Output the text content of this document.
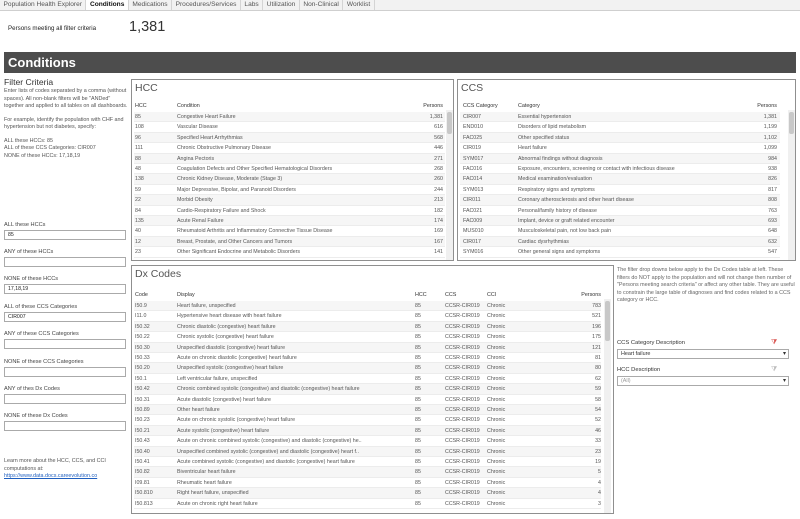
Population Health Explorer	Conditions	Medications	Procedures/Services	Labs	Utilization	Non-Clinical	Worklist
Persons meeting all filter criteria 1,381
Conditions
Filter Criteria

Enter lists of codes separated by a comma (without spaces). All non-blank filters will be "ANDed" together and applied to all tables on all dashboards.

For example, identify the population with CHF and hypertension but not diabetes, specify:

ALL these HCCs: 85

ALL of these CCS Categories: CIR007

NONE of these HCCs: 17,18,19

ALL these HCCs
85
ANY of these HCCs
NONE of these HCCs
17,18,19
ALL of these CCS Categories
CIR007
ANY of these CCS Categories
NONE of these CCS Categories
ANY of thes Dx Codes
NONE of these Dx Codes
Learn more about the HCC, CCS, and CCI computations at:
https://www.data.docs.careevolution.co
HCC
HCC	Condition	Persons
85	Congestive Heart Failure	1,381
108	Vascular Disease	616
96	Specified Heart Arrhythmias	568
111	Chronic Obstructive Pulmonary Disease	446
88	Angina Pectoris	271
48	Coagulation Defects and Other Specified Hematological Disorders	268
138	Chronic Kidney Disease, Moderate (Stage 3)	260
59	Major Depressive, Bipolar, and Paranoid Disorders	244
22	Morbid Obesity	213
84	Cardio-Respiratory Failure and Shock	182
135	Acute Renal Failure	174
40	Rheumatoid Arthritis and Inflammatory Connective Tissue Disease	169
12	Breast, Prostate, and Other Cancers and Tumors	167
23	Other Significant Endocrine and Metabolic Disorders	141
CCS
CCS Category	Category	Persons
CIR007	Essential hypertension	1,381
END010	Disorders of lipid metabolism	1,199
FAC025	Other specified status	1,102
CIR019	Heart failure	1,099
SYM017	Abnormal findings without diagnosis	984
FAC016	Exposure, encounters, screening or contact with infectious disease	938
FAC014	Medical examination/evaluation	826
SYM013	Respiratory signs and symptoms	817
CIR011	Coronary atherosclerosis and other heart disease	808
FAC021	Personal/family history of disease	763
FAC009	Implant, device or graft related encounter	693
MUS010	Musculoskeletal pain, not low back pain	648
CIR017	Cardiac dysrhythmias	632
SYM016	Other general signs and symptoms	547
Dx Codes
Code	Display	HCC	CCS	CCI	Persons
I50.9	Heart failure, unspecified	85	CCSR-CIR019	Chronic	783
I11.0	Hypertensive heart disease with heart failure	85	CCSR-CIR019	Chronic	521
I50.32	Chronic diastolic (congestive) heart failure	85	CCSR-CIR019	Chronic	196
I50.22	Chronic systolic (congestive) heart failure	85	CCSR-CIR019	Chronic	175
I50.30	Unspecified diastolic (congestive) heart failure	85	CCSR-CIR019	Chronic	121
I50.33	Acute on chronic diastolic (congestive) heart failure	85	CCSR-CIR019	Chronic	81
I50.20	Unspecified systolic (congestive) heart failure	85	CCSR-CIR019	Chronic	80
I50.1	Left ventricular failure, unspecified	85	CCSR-CIR019	Chronic	62
I50.42	Chronic combined systolic (congestive) and diastolic (congestive) heart failure	85	CCSR-CIR019	Chronic	59
I50.31	Acute diastolic (congestive) heart failure	85	CCSR-CIR019	Chronic	58
I50.89	Other heart failure	85	CCSR-CIR019	Chronic	54
I50.23	Acute on chronic systolic (congestive) heart failure	85	CCSR-CIR019	Chronic	52
I50.21	Acute systolic (congestive) heart failure	85	CCSR-CIR019	Chronic	46
I50.43	Acute on chronic combined systolic (congestive) and diastolic (congestive) he..	85	CCSR-CIR019	Chronic	33
I50.40	Unspecified combined systolic (congestive) and diastolic (congestive) heart f..	85	CCSR-CIR019	Chronic	23
I50.41	Acute combined systolic (congestive) and diastolic (congestive) heart failure	85	CCSR-CIR019	Chronic	19
I50.82	Biventricular heart failure	85	CCSR-CIR019	Chronic	5
I09.81	Rheumatic heart failure	85	CCSR-CIR019	Chronic	4
I50.810	Right heart failure, unspecified	85	CCSR-CIR019	Chronic	4
I50.813	Acute on chronic right heart failure	85	CCSR-CIR019	Chronic	3
The filter drop downs below apply to the Dx Codes table at left. These filters do NOT apply to the population and will not change then number of "Persons meeting search criteria" or affect any other table. They are useful to constrain the large table of diagnoses and find codes related to a CCS category or HCC.
CCS Category Description	⧩
Heart failure	▾
HCC Description	⧩
(All)	▾
